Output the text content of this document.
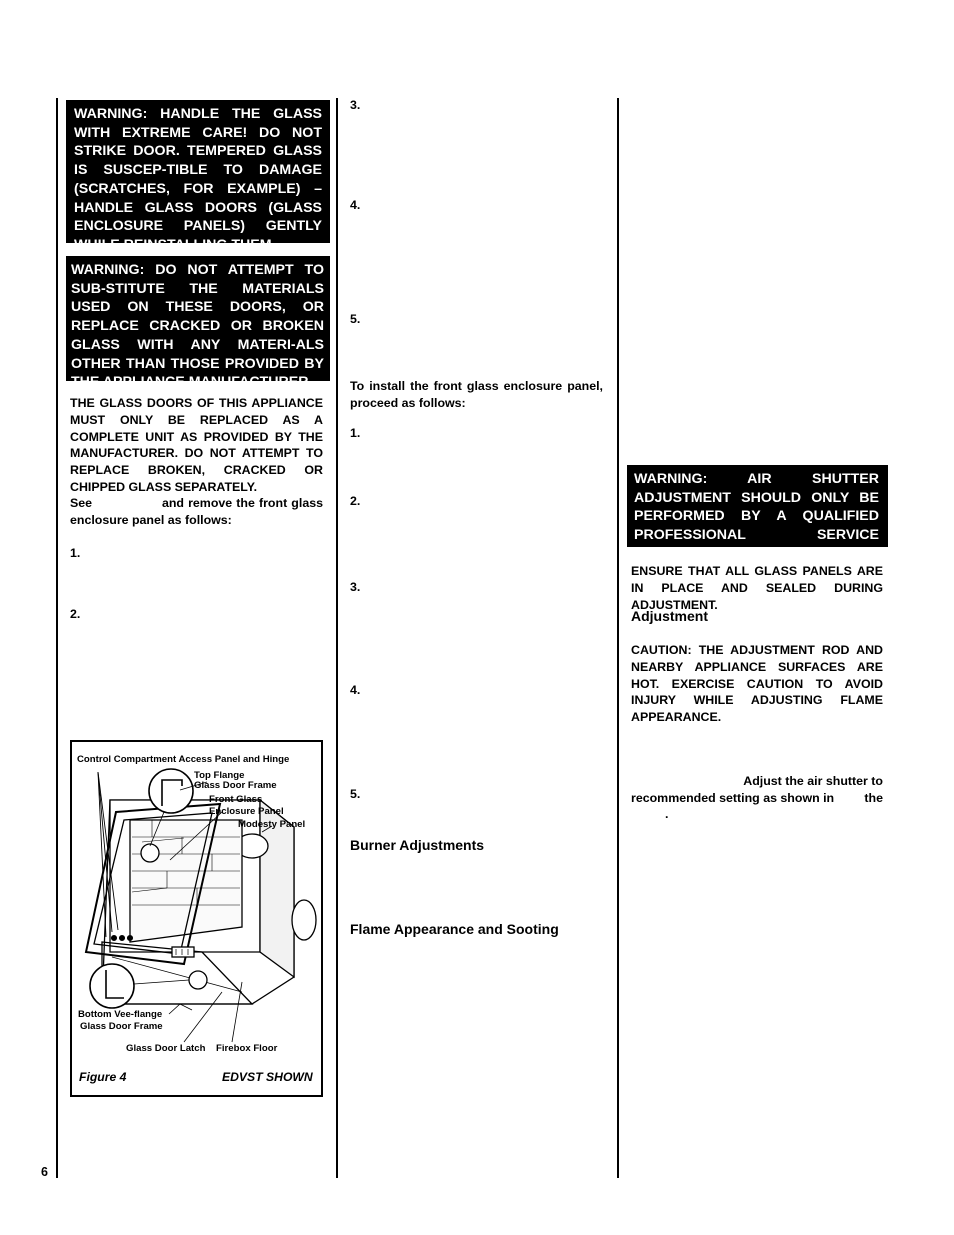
6
WARNING: HANDLE THE GLASS WITH EXTREME CARE! DO NOT STRIKE DOOR. TEMPERED GLASS IS SUSCEP-TIBLE TO DAMAGE (SCRATCHES, FOR EXAMPLE) – HANDLE GLASS DOORS (GLASS ENCLOSURE PANELS) GENTLY WHILE REINSTALLING THEM.
WARNING: DO NOT ATTEMPT TO SUB-STITUTE THE MATERIALS USED ON THESE DOORS, OR REPLACE CRACKED OR BROKEN GLASS WITH ANY MATERI-ALS OTHER THAN THOSE PROVIDED BY THE APPLIANCE MANUFACTURER.
THE GLASS DOORS OF THIS APPLIANCE MUST ONLY BE REPLACED AS A COMPLETE UNIT AS PROVIDED BY THE MANUFACTURER. DO NOT ATTEMPT TO REPLACE BROKEN, CRACKED OR CHIPPED GLASS SEPARATELY.
See                 and remove the front glass enclosure panel as follows:
1.
2.
Control Compartment Access Panel and Hinge
Top Flange
Glass Door Frame
Front Glass
Enclosure Panel
Modesty Panel
Bottom Vee-flange
Glass Door Frame
Glass Door Latch Firebox Floor
Figure 4	EDVST SHOWN
3.
4.
5.
To install the front glass enclosure panel, proceed as follows:
1.
2.
3.
4.
5.
Burner Adjustments
Flame Appearance and Sooting
WARNING: AIR SHUTTER ADJUSTMENT SHOULD ONLY BE PERFORMED BY A QUALIFIED PROFESSIONAL SERVICE TECHNICIAN.
ENSURE THAT ALL GLASS PANELS ARE IN PLACE AND SEALED DURING ADJUSTMENT.
Adjustment
CAUTION: THE ADJUSTMENT ROD AND NEARBY APPLIANCE SURFACES ARE HOT. EXERCISE CAUTION TO AVOID INJURY WHILE ADJUSTING FLAME APPEARANCE.
Adjust the air shutter to the
recommended setting as shown in
.
